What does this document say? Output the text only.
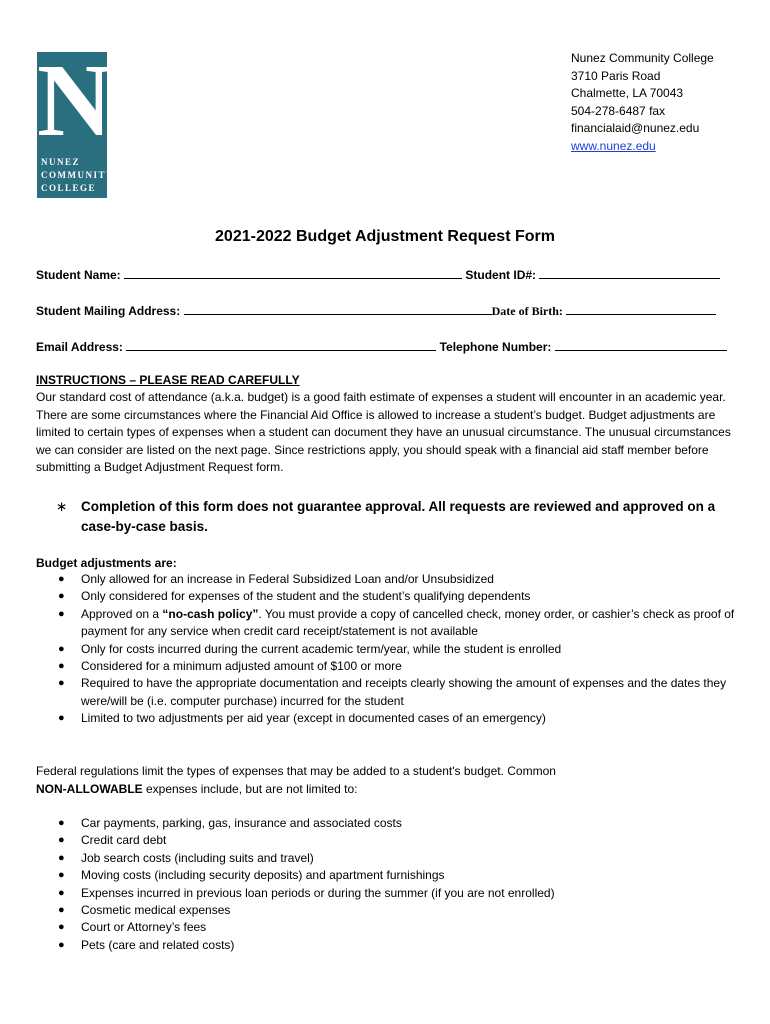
N
NUNEZ
COMMUNITY
COLLEGE
Nunez Community College
3710 Paris Road
Chalmette, LA 70043
504-278-6487 fax
financialaid@nunez.edu
www.nunez.edu
2021-2022 Budget Adjustment Request Form
Student Name:	Student ID#:
Student Mailing Address:	Date of Birth:
Email Address:	Telephone Number:
INSTRUCTIONS – PLEASE READ CAREFULLY
Our standard cost of attendance (a.k.a. budget) is a good faith estimate of expenses a student will encounter in an academic year. There are some circumstances where the Financial Aid Office is allowed to increase a student’s budget. Budget adjustments are limited to certain types of expenses when a student can document they have an unusual circumstance. The unusual circumstances we can consider are listed on the next page. Since restrictions apply, you should speak with a financial aid staff member before submitting a Budget Adjustment Request form.
∗ Completion of this form does not guarantee approval. All requests are reviewed and approved on a case-by-case basis.
Budget adjustments are:
● Only allowed for an increase in Federal Subsidized Loan and/or Unsubsidized
● Only considered for expenses of the student and the student’s qualifying dependents
● Approved on a “no-cash policy”. You must provide a copy of cancelled check, money order, or cashier’s check as proof of payment for any service when credit card receipt/statement is not available
● Only for costs incurred during the current academic term/year, while the student is enrolled
● Considered for a minimum adjusted amount of $100 or more
● Required to have the appropriate documentation and receipts clearly showing the amount of expenses and the dates they were/will be (i.e. computer purchase) incurred for the student
● Limited to two adjustments per aid year (except in documented cases of an emergency)
Federal regulations limit the types of expenses that may be added to a student's budget. Common
NON-ALLOWABLE expenses include, but are not limited to:
● Car payments, parking, gas, insurance and associated costs
● Credit card debt
● Job search costs (including suits and travel)
● Moving costs (including security deposits) and apartment furnishings
● Expenses incurred in previous loan periods or during the summer (if you are not enrolled)
● Cosmetic medical expenses
● Court or Attorney’s fees
● Pets (care and related costs)
